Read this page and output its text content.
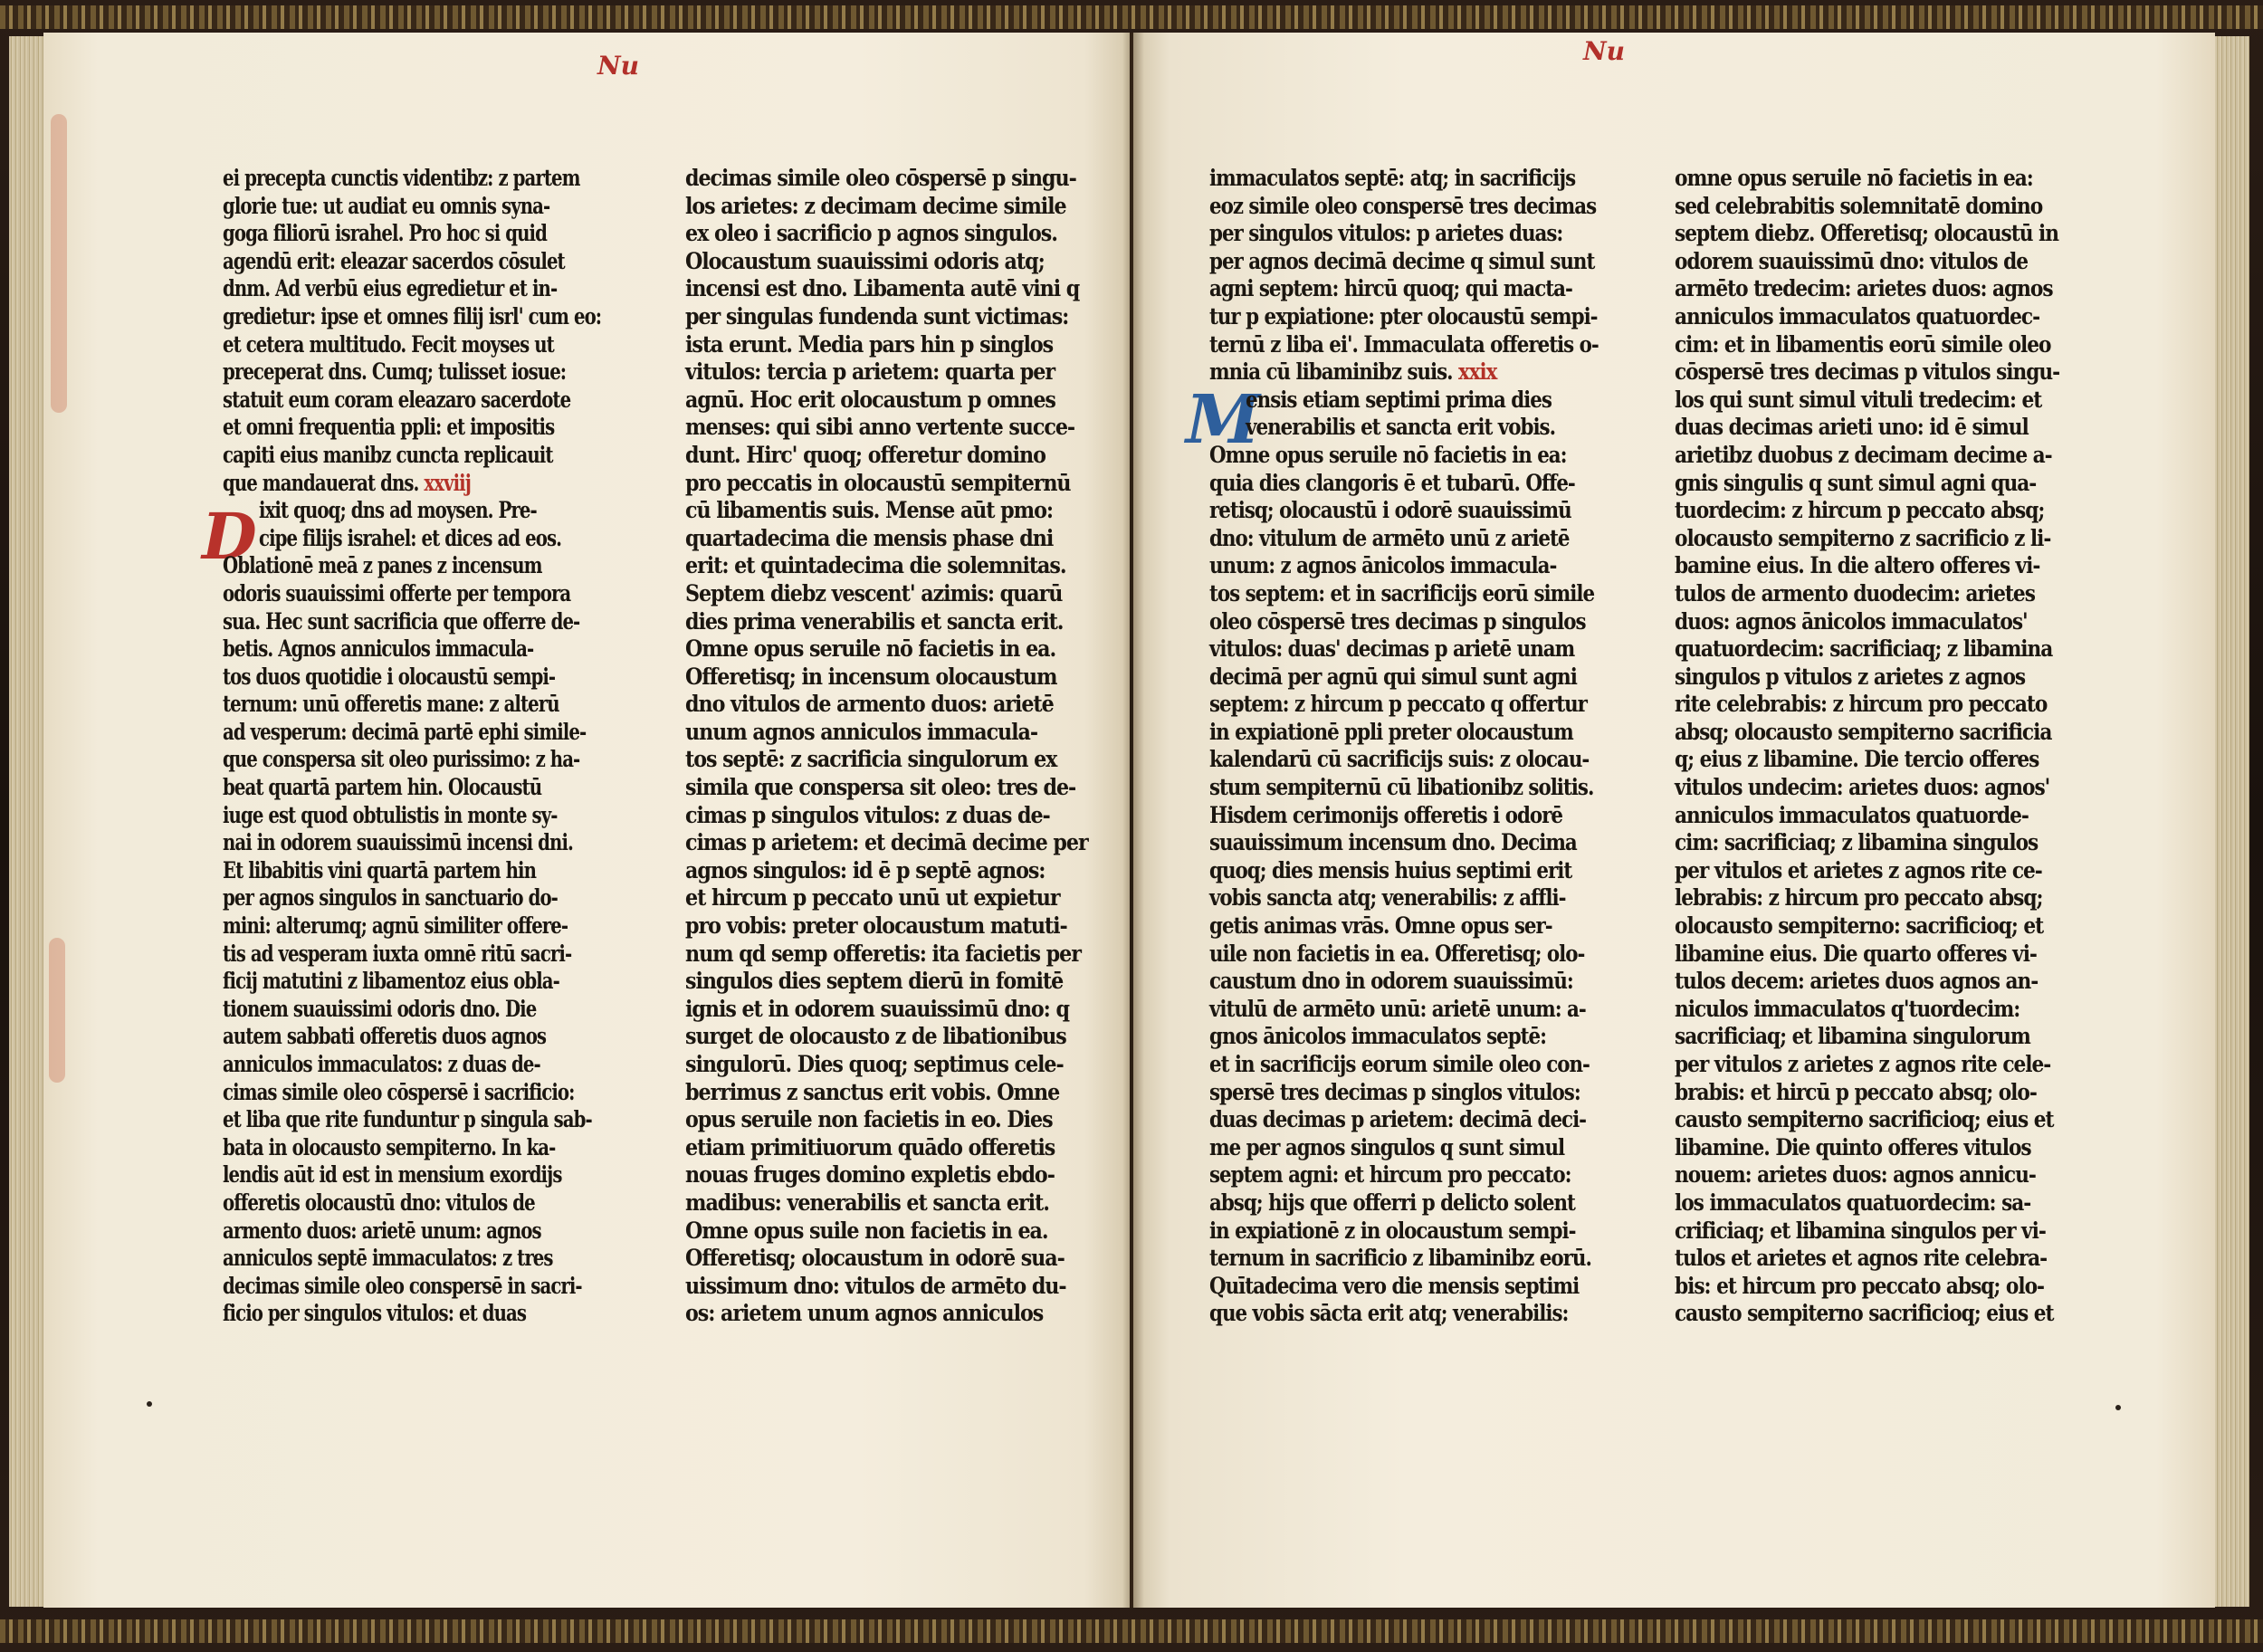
Nu
D
Nu
M
ei precepta cunctis videntibz: z partem
glorie tue: ut audiat eu omnis syna-
goga filiorū israhel. Pro hoc si quid
agendū erit: eleazar sacerdos cōsulet
dnm. Ad verbū eius egredietur et in-
gredietur: ipse et omnes filij isrl' cum eo:
et cetera multitudo. Fecit moyses ut
preceperat dns. Cumq; tulisset iosue:
statuit eum coram eleazaro sacerdote
et omni frequentia ppli: et impositis
capiti eius manibz cuncta replicauit
que mandauerat dns. xxviij
ixit quoq; dns ad moysen. Pre-
cipe filijs israhel: et dices ad eos.
Oblationē meā z panes z incensum
odoris suauissimi offerte per tempora
sua. Hec sunt sacrificia que offerre de-
betis. Agnos anniculos immacula-
tos duos quotidie i olocaustū sempi-
ternum: unū offeretis mane: z alterū
ad vesperum: decimā partē ephi simile-
que conspersa sit oleo purissimo: z ha-
beat quartā partem hin. Olocaustū
iuge est quod obtulistis in monte sy-
nai in odorem suauissimū incensi dni.
Et libabitis vini quartā partem hin
per agnos singulos in sanctuario do-
mini: alterumq; agnū similiter offere-
tis ad vesperam iuxta omnē ritū sacri-
ficij matutini z libamentoz eius obla-
tionem suauissimi odoris dno. Die
autem sabbati offeretis duos agnos
anniculos immaculatos: z duas de-
cimas simile oleo cōspersē i sacrificio:
et liba que rite funduntur p singula sab-
bata in olocausto sempiterno. In ka-
lendis aūt id est in mensium exordijs
offeretis olocaustū dno: vitulos de
armento duos: arietē unum: agnos
anniculos septē immaculatos: z tres
decimas simile oleo conspersē in sacri-
ficio per singulos vitulos: et duas
decimas simile oleo cōspersē p singu-
los arietes: z decimam decime simile
ex oleo i sacrificio p agnos singulos.
Olocaustum suauissimi odoris atq;
incensi est dno. Libamenta autē vini q
per singulas fundenda sunt victimas:
ista erunt. Media pars hin p singlos
vitulos: tercia p arietem: quarta per
agnū. Hoc erit olocaustum p omnes
menses: qui sibi anno vertente succe-
dunt. Hirc' quoq; offeretur domino
pro peccatis in olocaustū sempiternū
cū libamentis suis. Mense aūt pmo:
quartadecima die mensis phase dni
erit: et quintadecima die solemnitas.
Septem diebz vescent' azimis: quarū
dies prima venerabilis et sancta erit.
Omne opus seruile nō facietis in ea.
Offeretisq; in incensum olocaustum
dno vitulos de armento duos: arietē
unum agnos anniculos immacula-
tos septē: z sacrificia singulorum ex
simila que conspersa sit oleo: tres de-
cimas p singulos vitulos: z duas de-
cimas p arietem: et decimā decime per
agnos singulos: id ē p septē agnos:
et hircum p peccato unū ut expietur
pro vobis: preter olocaustum matuti-
num qd semp offeretis: ita facietis per
singulos dies septem dierū in fomitē
ignis et in odorem suauissimū dno: q
surget de olocausto z de libationibus
singulorū. Dies quoq; septimus cele-
berrimus z sanctus erit vobis. Omne
opus seruile non facietis in eo. Dies
etiam primitiuorum quādo offeretis
nouas fruges domino expletis ebdo-
madibus: venerabilis et sancta erit.
Omne opus suile non facietis in ea.
Offeretisq; olocaustum in odorē sua-
uissimum dno: vitulos de armēto du-
os: arietem unum agnos anniculos
immaculatos septē: atq; in sacrificijs
eoz simile oleo conspersē tres decimas
per singulos vitulos: p arietes duas:
per agnos decimā decime q simul sunt
agni septem: hircū quoq; qui macta-
tur p expiatione: pter olocaustū sempi-
ternū z liba ei'. Immaculata offeretis o-
mnia cū libaminibz suis. xxix
ensis etiam septimi prima dies
venerabilis et sancta erit vobis.
Omne opus seruile nō facietis in ea:
quia dies clangoris ē et tubarū. Offe-
retisq; olocaustū i odorē suauissimū
dno: vitulum de armēto unū z arietē
unum: z agnos ānicolos immacula-
tos septem: et in sacrificijs eorū simile
oleo cōspersē tres decimas p singulos
vitulos: duas' decimas p arietē unam
decimā per agnū qui simul sunt agni
septem: z hircum p peccato q offertur
in expiationē ppli preter olocaustum
kalendarū cū sacrificijs suis: z olocau-
stum sempiternū cū libationibz solitis.
Hisdem cerimonijs offeretis i odorē
suauissimum incensum dno. Decima
quoq; dies mensis huius septimi erit
vobis sancta atq; venerabilis: z affli-
getis animas vrās. Omne opus ser-
uile non facietis in ea. Offeretisq; olo-
caustum dno in odorem suauissimū:
vitulū de armēto unū: arietē unum: a-
gnos ānicolos immaculatos septē:
et in sacrificijs eorum simile oleo con-
spersē tres decimas p singlos vitulos:
duas decimas p arietem: decimā deci-
me per agnos singulos q sunt simul
septem agni: et hircum pro peccato:
absq; hijs que offerri p delicto solent
in expiationē z in olocaustum sempi-
ternum in sacrificio z libaminibz eorū.
Quītadecima vero die mensis septimi
que vobis sācta erit atq; venerabilis:
omne opus seruile nō facietis in ea:
sed celebrabitis solemnitatē domino
septem diebz. Offeretisq; olocaustū in
odorem suauissimū dno: vitulos de
armēto tredecim: arietes duos: agnos
anniculos immaculatos quatuordec-
cim: et in libamentis eorū simile oleo
cōspersē tres decimas p vitulos singu-
los qui sunt simul vituli tredecim: et
duas decimas arieti uno: id ē simul
arietibz duobus z decimam decime a-
gnis singulis q sunt simul agni qua-
tuordecim: z hircum p peccato absq;
olocausto sempiterno z sacrificio z li-
bamine eius. In die altero offeres vi-
tulos de armento duodecim: arietes
duos: agnos ānicolos immaculatos'
quatuordecim: sacrificiaq; z libamina
singulos p vitulos z arietes z agnos
rite celebrabis: z hircum pro peccato
absq; olocausto sempiterno sacrificia
q; eius z libamine. Die tercio offeres
vitulos undecim: arietes duos: agnos'
anniculos immaculatos quatuorde-
cim: sacrificiaq; z libamina singulos
per vitulos et arietes z agnos rite ce-
lebrabis: z hircum pro peccato absq;
olocausto sempiterno: sacrificioq; et
libamine eius. Die quarto offeres vi-
tulos decem: arietes duos agnos an-
niculos immaculatos q'tuordecim:
sacrificiaq; et libamina singulorum
per vitulos z arietes z agnos rite cele-
brabis: et hircū p peccato absq; olo-
causto sempiterno sacrificioq; eius et
libamine. Die quinto offeres vitulos
nouem: arietes duos: agnos annicu-
los immaculatos quatuordecim: sa-
crificiaq; et libamina singulos per vi-
tulos et arietes et agnos rite celebra-
bis: et hircum pro peccato absq; olo-
causto sempiterno sacrificioq; eius et
